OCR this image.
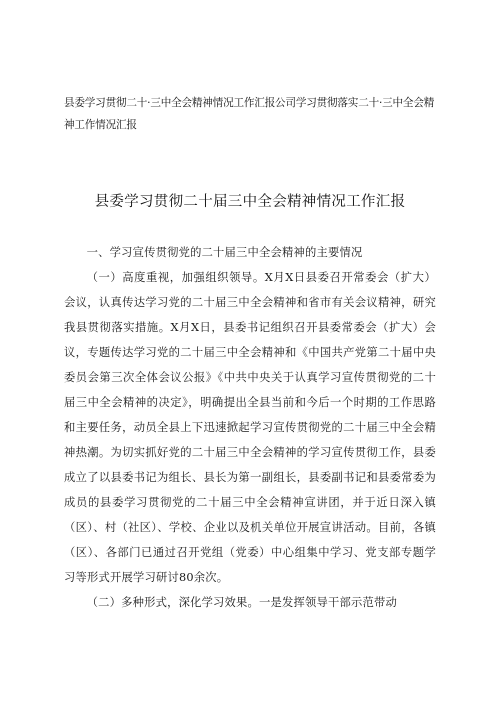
县委学习贯彻二十·三中全会精神情况工作汇报公司学习贯彻落实二十·三中全会精
神工作情况汇报
县委学习贯彻二十届三中全会精神情况工作汇报

一、学习宣传贯彻党的二十届三中全会精神的主要情况

（一）高度重视，加强组织领导。X月X日县委召开常委会（扩大）会议，认真传达学习党的二十届三中全会精神和省市有关会议精神，研究我县贯彻落实措施。X月X日，县委书记组织召开县委常委会（扩大）会议，专题传达学习党的二十届三中全会精神和《中国共产党第二十届中央委员会第三次全体会议公报》《中共中央关于认真学习宣传贯彻党的二十届三中全会精神的决定》，明确提出全县当前和今后一个时期的工作思路和主要任务，动员全县上下迅速掀起学习宣传贯彻党的二十届三中全会精神热潮。为切实抓好党的二十届三中全会精神的学习宣传贯彻工作，县委成立了以县委书记为组长、县长为第一副组长，县委副书记和县委常委为成员的县委学习贯彻党的二十届三中全会精神宣讲团，并于近日深入镇（区）、村（社区）、学校、企业以及机关单位开展宣讲活动。目前，各镇（区）、各部门已通过召开党组（党委）中心组集中学习、党支部专题学习等形式开展学习研讨80余次。

（二）多种形式，深化学习效果。一是发挥领导干部示范带动
